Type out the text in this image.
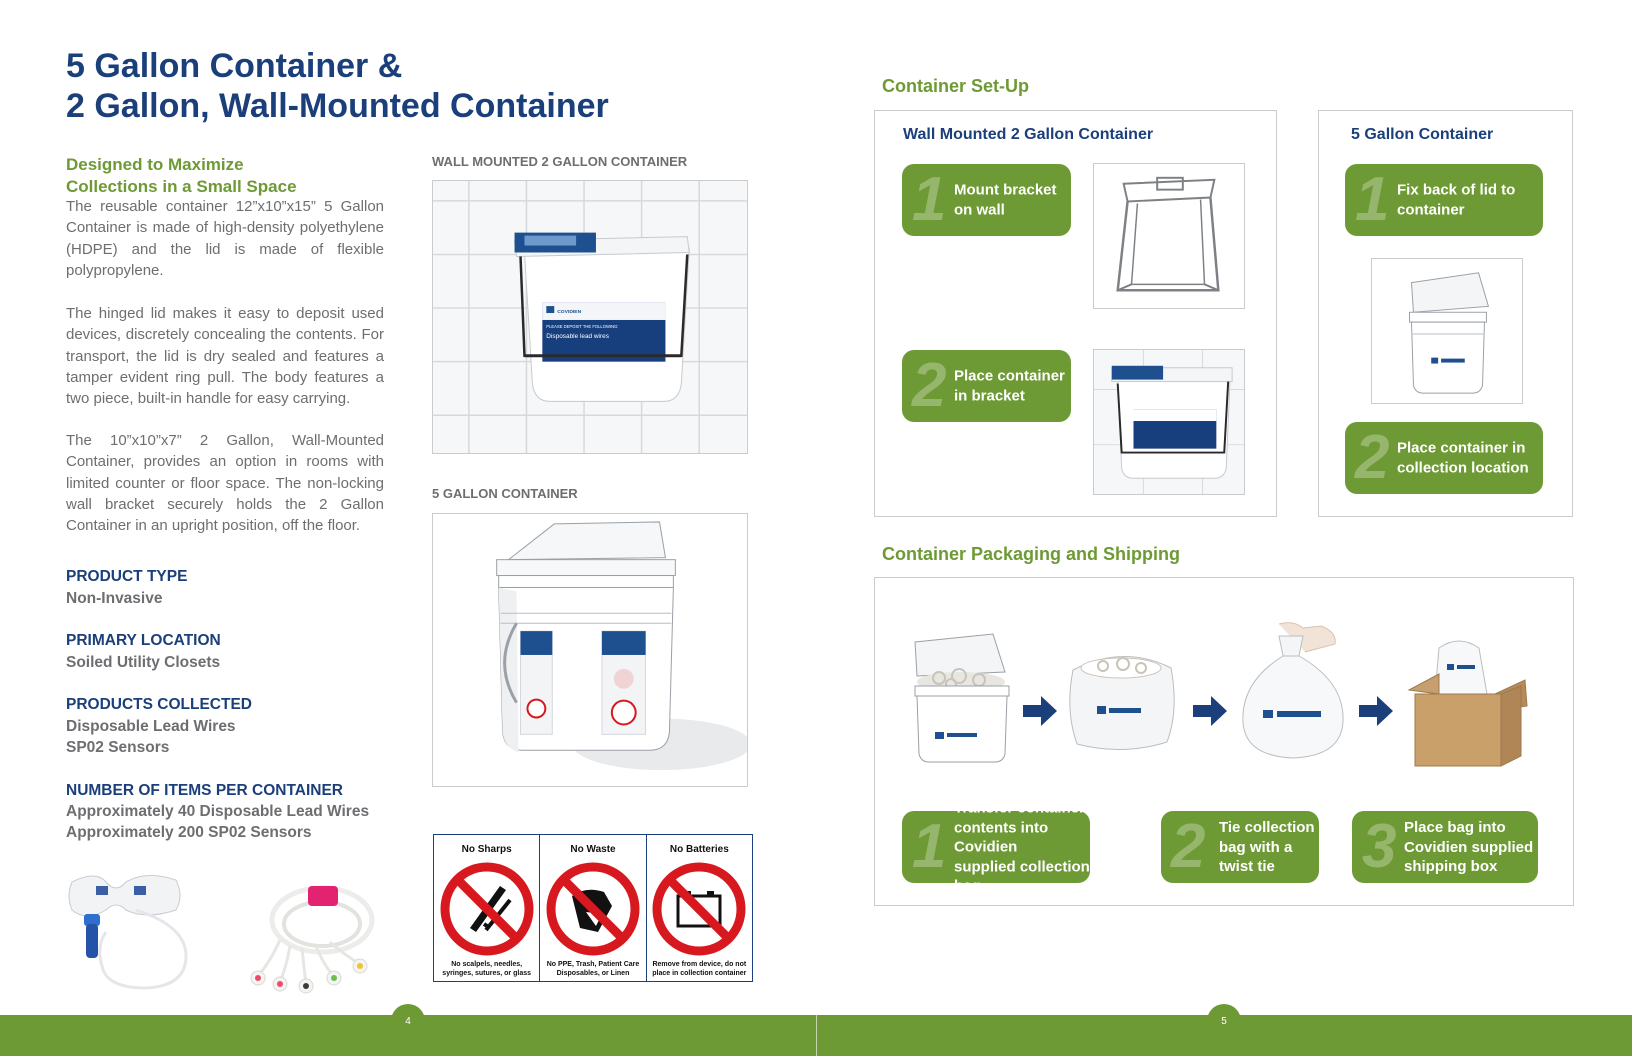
5 Gallon Container &
2 Gallon, Wall-Mounted Container
Designed to Maximize
Collections in a Small Space

The reusable container 12”x10”x15” 5 Gallon Container is made of high-density polyethylene (HDPE) and the lid is made of flexible polypropylene.

The hinged lid makes it easy to deposit used devices, discretely concealing the contents. For transport, the lid is dry sealed and features a tamper evident ring pull. The body features a two piece, built-in handle for easy carrying.

The 10”x10”x7” 2 Gallon, Wall-Mounted Container, provides an option in rooms with limited counter or floor space. The non-locking wall bracket securely holds the 2 Gallon Container in an upright position, off the floor.

PRODUCT TYPE
Non-Invasive
PRIMARY LOCATION
Soiled Utility Closets
PRODUCTS COLLECTED
Disposable Lead Wires
SP02 Sensors
NUMBER OF ITEMS PER CONTAINER
Approximately 40 Disposable Lead Wires
Approximately 200 SP02 Sensors
WALL MOUNTED 2 GALLON CONTAINER
COVIDIEN
PLEASE DEPOSIT THE FOLLOWING:
Disposable lead wires
5 GALLON CONTAINER
No Sharps
No scalpels, needles, syringes, sutures, or glass
No Waste
No PPE, Trash, Patient Care Disposables, or Linen
No Batteries
Remove from device, do not place in collection container
Container Set-Up
Wall Mounted 2 Gallon Container
1 Mount bracket
on wall
2 Place container
in bracket
5 Gallon Container
1 Fix back of lid to
container
2 Place container in
collection location
Container Packaging and Shipping
1
Transfer container
contents into Covidien
supplied collection bag
2 Tie collection
bag with a
twist tie	3 Place bag into
Covidien supplied
shipping box
4	5
